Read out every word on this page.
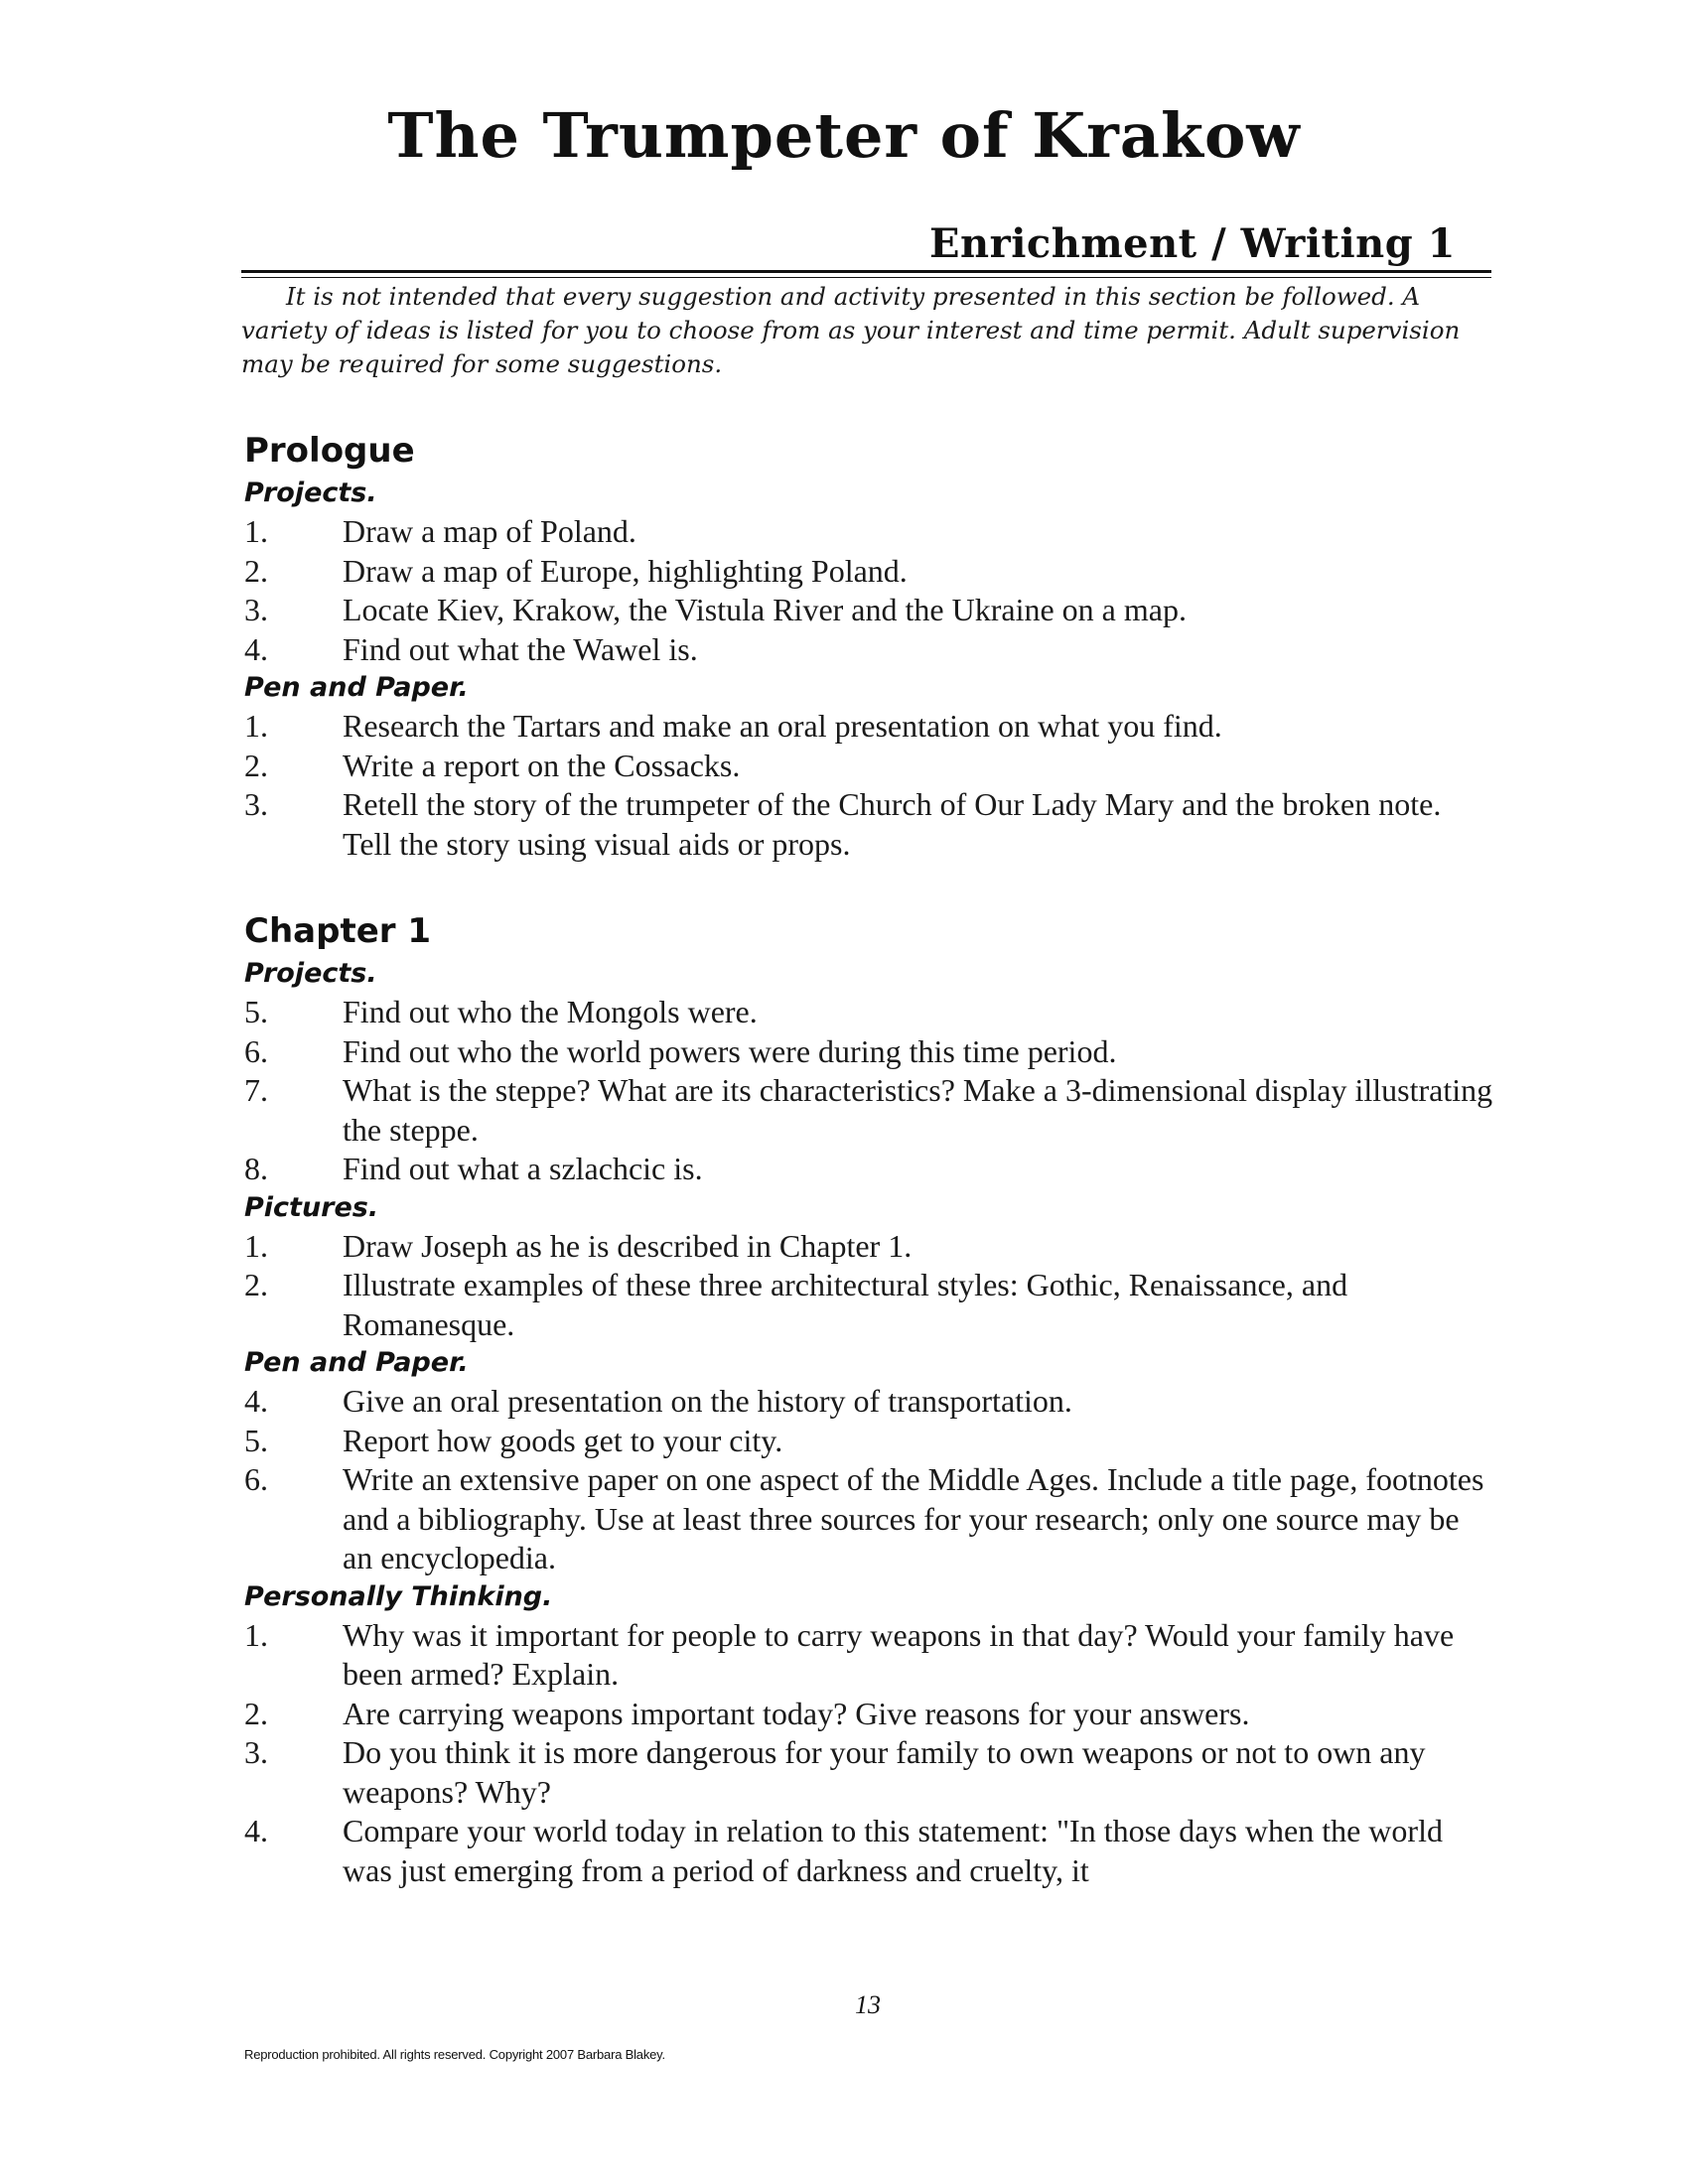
The Trumpeter of Krakow
Enrichment / Writing 1
It is not intended that every suggestion and activity presented in this section be followed. A variety of ideas is listed for you to choose from as your interest and time permit. Adult supervision may be required for some suggestions.
Prologue
Projects.
1. Draw a map of Poland.
2. Draw a map of Europe, highlighting Poland.
3. Locate Kiev, Krakow, the Vistula River and the Ukraine on a map.
4. Find out what the Wawel is.
Pen and Paper.
1. Research the Tartars and make an oral presentation on what you find.
2. Write a report on the Cossacks.
3. Retell the story of the trumpeter of the Church of Our Lady Mary and the broken note. Tell the story using visual aids or props.
Chapter 1
Projects.
5. Find out who the Mongols were.
6. Find out who the world powers were during this time period.
7. What is the steppe? What are its characteristics? Make a 3-dimensional display illustrating the steppe.
8. Find out what a szlachcic is.
Pictures.
1. Draw Joseph as he is described in Chapter 1.
2. Illustrate examples of these three architectural styles: Gothic, Renaissance, and Romanesque.
Pen and Paper.
4. Give an oral presentation on the history of transportation.
5. Report how goods get to your city.
6. Write an extensive paper on one aspect of the Middle Ages. Include a title page, footnotes and a bibliography. Use at least three sources for your research; only one source may be an encyclopedia.
Personally Thinking.
1. Why was it important for people to carry weapons in that day? Would your family have been armed? Explain.
2. Are carrying weapons important today? Give reasons for your answers.
3. Do you think it is more dangerous for your family to own weapons or not to own any weapons? Why?
4. Compare your world today in relation to this statement: "In those days when the world was just emerging from a period of darkness and cruelty, it
13
Reproduction prohibited. All rights reserved. Copyright 2007 Barbara Blakey.
